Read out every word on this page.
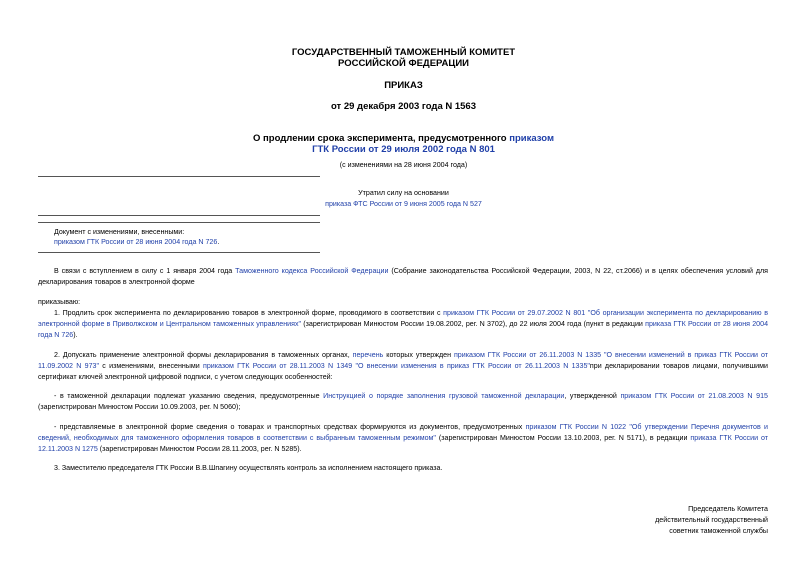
ГОСУДАРСТВЕННЫЙ ТАМОЖЕННЫЙ КОМИТЕТ
РОССИЙСКОЙ ФЕДЕРАЦИИ
ПРИКАЗ
от 29 декабря 2003 года N 1563
О продлении срока эксперимента, предусмотренного приказом
ГТК России от 29 июля 2002 года N 801
(с изменениями на 28 июня 2004 года)
Утратил силу на основании
приказа ФТС России от 9 июня 2005 года N 527
Документ с изменениями, внесенными:
приказом ГТК России от 28 июня 2004 года N 726.
В связи с вступлением в силу с 1 января 2004 года Таможенного кодекса Российской Федерации (Собрание законодательства Российской Федерации, 2003, N 22, ст.2066) и в целях обеспечения условий для декларирования товаров в электронной форме
приказываю:
1. Продлить срок эксперимента по декларированию товаров в электронной форме, проводимого в соответствии с приказом ГТК России от 29.07.2002 N 801 "Об организации эксперимента по декларированию в электронной форме в Приволжском и Центральном таможенных управлениях" (зарегистрирован Минюстом России 19.08.2002, рег. N 3702), до 22 июля 2004 года (пункт в редакции приказа ГТК России от 28 июня 2004 года N 726).
2. Допускать применение электронной формы декларирования в таможенных органах, перечень которых утвержден приказом ГТК России от 26.11.2003 N 1335 "О внесении изменений в приказ ГТК России от 11.09.2002 N 973" с изменениями, внесенными приказом ГТК России от 28.11.2003 N 1349 "О внесении изменения в приказ ГТК России от 26.11.2003 N 1335"при декларировании товаров лицами, получившими сертификат ключей электронной цифровой подписи, с учетом следующих особенностей:
- в таможенной декларации подлежат указанию сведения, предусмотренные Инструкцией о порядке заполнения грузовой таможенной декларации, утвержденной приказом ГТК России от 21.08.2003 N 915 (зарегистрирован Минюстом России 10.09.2003, рег. N 5060);
- представляемые в электронной форме сведения о товарах и транспортных средствах формируются из документов, предусмотренных приказом ГТК России N 1022 "Об утверждении Перечня документов и сведений, необходимых для таможенного оформления товаров в соответствии с выбранным таможенным режимом" (зарегистрирован Минюстом России 13.10.2003, рег. N 5171), в редакции приказа ГТК России от 12.11.2003 N 1275 (зарегистрирован Минюстом России 28.11.2003, рег. N 5285).
3. Заместителю председателя ГТК России В.В.Шпагину осуществлять контроль за исполнением настоящего приказа.
Председатель Комитета
действительный государственный
советник таможенной службы
